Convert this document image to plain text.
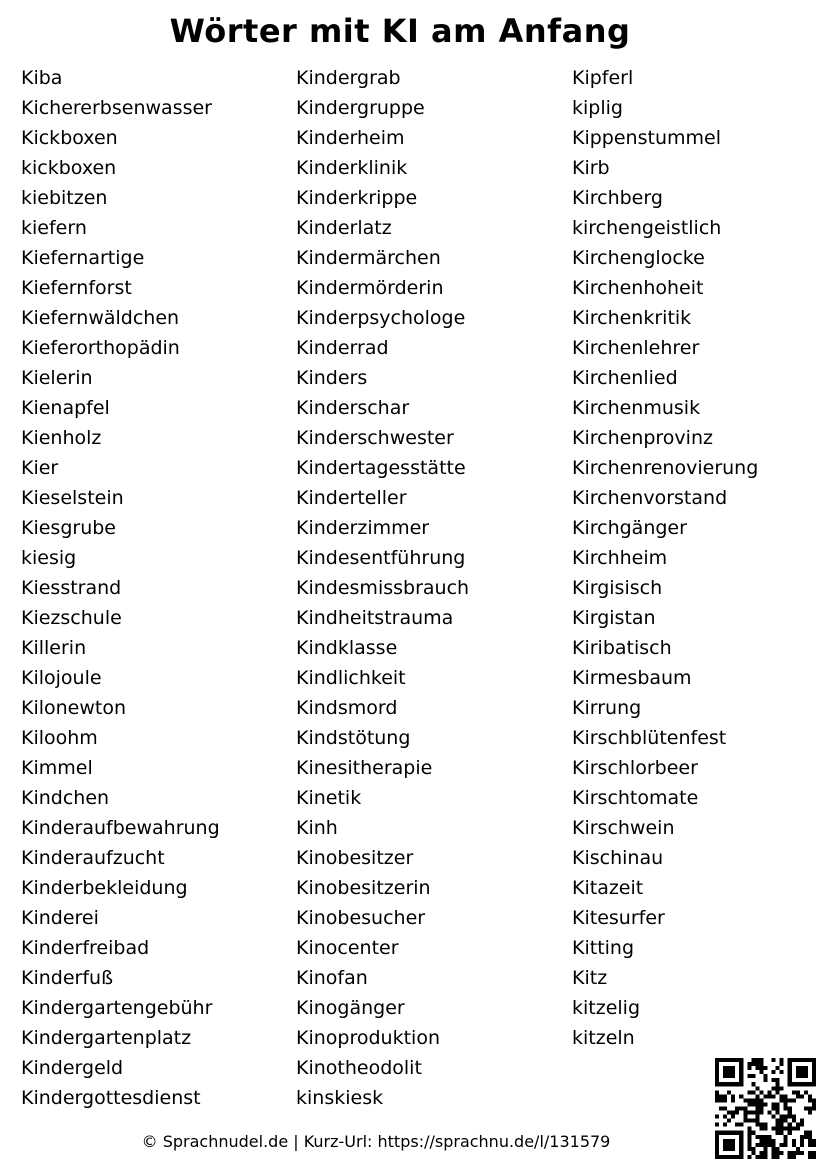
Wörter mit KI am Anfang
Kiba
Kichererbsenwasser
Kickboxen
kickboxen
kiebitzen
kiefern
Kiefernartige
Kiefernforst
Kiefernwäldchen
Kieferorthopädin
Kielerin
Kienapfel
Kienholz
Kier
Kieselstein
Kiesgrube
kiesig
Kiesstrand
Kiezschule
Killerin
Kilojoule
Kilonewton
Kiloohm
Kimmel
Kindchen
Kinderaufbewahrung
Kinderaufzucht
Kinderbekleidung
Kinderei
Kinderfreibad
Kinderfuß
Kindergartengebühr
Kindergartenplatz
Kindergeld
Kindergottesdienst
Kindergrab
Kindergruppe
Kinderheim
Kinderklinik
Kinderkrippe
Kinderlatz
Kindermärchen
Kindermörderin
Kinderpsychologe
Kinderrad
Kinders
Kinderschar
Kinderschwester
Kindertagesstätte
Kinderteller
Kinderzimmer
Kindesentführung
Kindesmissbrauch
Kindheitstrauma
Kindklasse
Kindlichkeit
Kindsmord
Kindstötung
Kinesitherapie
Kinetik
Kinh
Kinobesitzer
Kinobesitzerin
Kinobesucher
Kinocenter
Kinofan
Kinogänger
Kinoproduktion
Kinotheodolit
kinskiesk
Kipferl
kiplig
Kippenstummel
Kirb
Kirchberg
kirchengeistlich
Kirchenglocke
Kirchenhoheit
Kirchenkritik
Kirchenlehrer
Kirchenlied
Kirchenmusik
Kirchenprovinz
Kirchenrenovierung
Kirchenvorstand
Kirchgänger
Kirchheim
Kirgisisch
Kirgistan
Kiribatisch
Kirmesbaum
Kirrung
Kirschblütenfest
Kirschlorbeer
Kirschtomate
Kirschwein
Kischinau
Kitazeit
Kitesurfer
Kitting
Kitz
kitzelig
kitzeln
© Sprachnudel.de | Kurz-Url: https://sprachnu.de/l/131579
